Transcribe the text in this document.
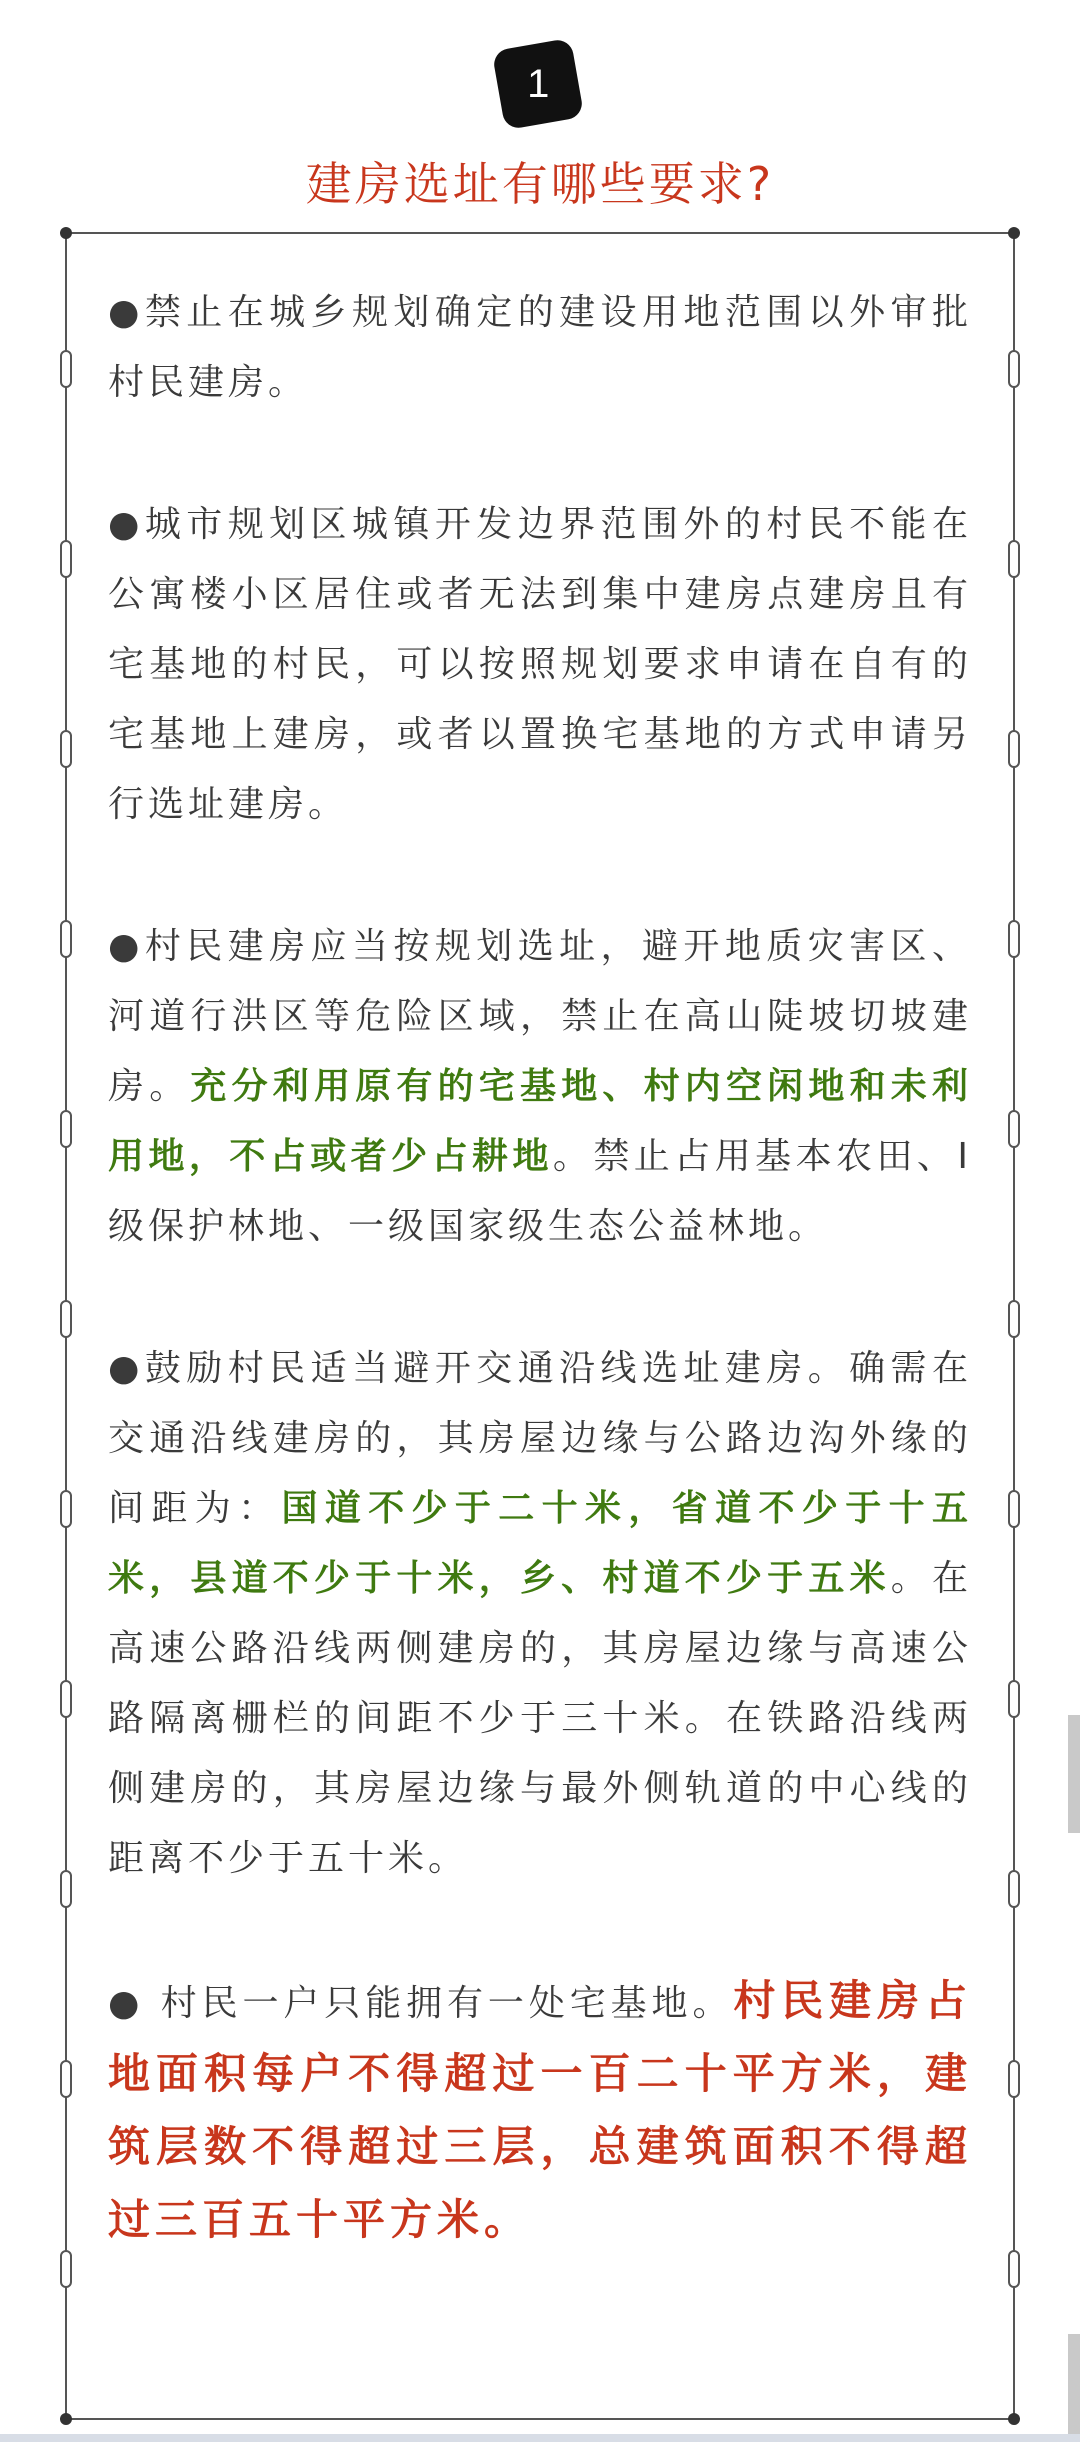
1
建房选址有哪些要求?

●禁止在城乡规划确定的建设用地范围以外审批村民建房。

●城市规划区城镇开发边界范围外的村民不能在公寓楼小区居住或者无法到集中建房点建房且有宅基地的村民，可以按照规划要求申请在自有的宅基地上建房，或者以置换宅基地的方式申请另行选址建房。

●村民建房应当按规划选址，避开地质灾害区、河道行洪区等危险区域，禁止在高山陡坡切坡建房。充分利用原有的宅基地、村内空闲地和未利用地，不占或者少占耕地。禁止占用基本农田、Ⅰ级保护林地、一级国家级生态公益林地。

●鼓励村民适当避开交通沿线选址建房。确需在交通沿线建房的，其房屋边缘与公路边沟外缘的间距为：国道不少于二十米，省道不少于十五米，县道不少于十米，乡、村道不少于五米。在高速公路沿线两侧建房的，其房屋边缘与高速公路隔离栅栏的间距不少于三十米。在铁路沿线两侧建房的，其房屋边缘与最外侧轨道的中心线的距离不少于五十米。

● 村民一户只能拥有一处宅基地。村民建房占地面积每户不得超过一百二十平方米，建筑层数不得超过三层，总建筑面积不得超过三百五十平方米。
